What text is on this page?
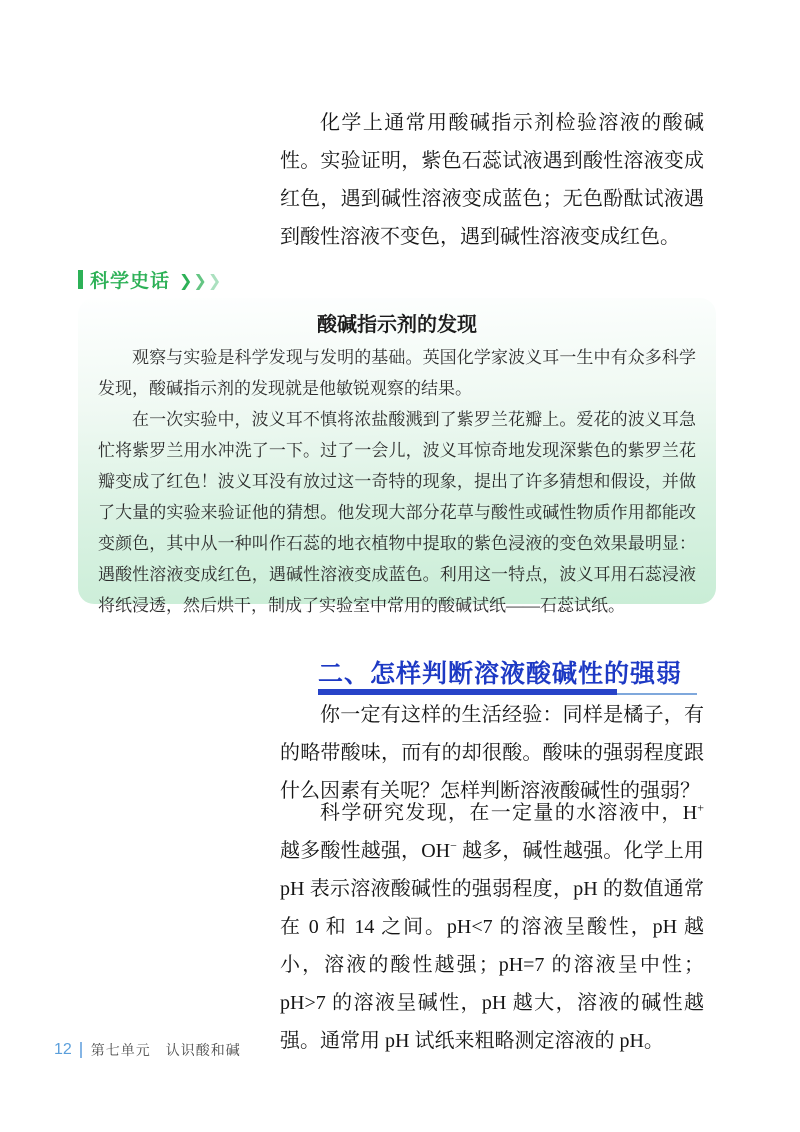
化学上通常用酸碱指示剂检验溶液的酸碱性。实验证明，紫色石蕊试液遇到酸性溶液变成红色，遇到碱性溶液变成蓝色；无色酚酞试液遇到酸性溶液不变色，遇到碱性溶液变成红色。

科学史话 ❯ ❯ ❯
酸碱指示剂的发现

观察与实验是科学发现与发明的基础。英国化学家波义耳一生中有众多科学发现，酸碱指示剂的发现就是他敏锐观察的结果。

在一次实验中，波义耳不慎将浓盐酸溅到了紫罗兰花瓣上。爱花的波义耳急忙将紫罗兰用水冲洗了一下。过了一会儿，波义耳惊奇地发现深紫色的紫罗兰花瓣变成了红色！波义耳没有放过这一奇特的现象，提出了许多猜想和假设，并做了大量的实验来验证他的猜想。他发现大部分花草与酸性或碱性物质作用都能改变颜色，其中从一种叫作石蕊的地衣植物中提取的紫色浸液的变色效果最明显：遇酸性溶液变成红色，遇碱性溶液变成蓝色。利用这一特点，波义耳用石蕊浸液将纸浸透，然后烘干，制成了实验室中常用的酸碱试纸——石蕊试纸。

二、怎样判断溶液酸碱性的强弱

你一定有这样的生活经验：同样是橘子，有的略带酸味，而有的却很酸。酸味的强弱程度跟什么因素有关呢？怎样判断溶液酸碱性的强弱？

科学研究发现，在一定量的水溶液中，H+ 越多酸性越强，OH− 越多，碱性越强。化学上用 pH 表示溶液酸碱性的强弱程度，pH 的数值通常在 0 和 14 之间。pH<7 的溶液呈酸性，pH 越小，溶液的酸性越强；pH=7 的溶液呈中性；pH>7 的溶液呈碱性，pH 越大，溶液的碱性越强。通常用 pH 试纸来粗略测定溶液的 pH。

12 第七单元　认识酸和碱
